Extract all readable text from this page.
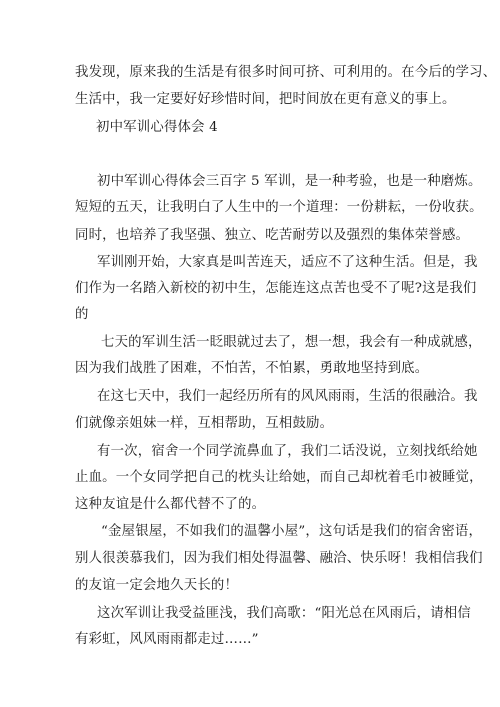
我发现，原来我的生活是有很多时间可挤、可利用的。在今后的学习、
生活中，我一定要好好珍惜时间，把时间放在更有意义的事上。
初中军训心得体会 4
初中军训心得体会三百字 5 军训，是一种考验，也是一种磨炼。
短短的五天，让我明白了人生中的一个道理：一份耕耘，一份收获。
同时，也培养了我坚强、独立、吃苦耐劳以及强烈的集体荣誉感。
军训刚开始，大家真是叫苦连天，适应不了这种生活。但是，我
们作为一名踏入新校的初中生，怎能连这点苦也受不了呢?这是我们
的
七天的军训生活一眨眼就过去了，想一想，我会有一种成就感，
因为我们战胜了困难，不怕苦，不怕累，勇敢地坚持到底。
在这七天中，我们一起经历所有的风风雨雨，生活的很融洽。我
们就像亲姐妹一样，互相帮助，互相鼓励。
有一次，宿舍一个同学流鼻血了，我们二话没说，立刻找纸给她
止血。一个女同学把自己的枕头让给她，而自己却枕着毛巾被睡觉，
这种友谊是什么都代替不了的。
“金屋银屋，不如我们的温馨小屋”，这句话是我们的宿舍密语，
别人很羡慕我们，因为我们相处得温馨、融洽、快乐呀！我相信我们
的友谊一定会地久天长的！
这次军训让我受益匪浅，我们高歌：“阳光总在风雨后，请相信
有彩虹，风风雨雨都走过……”
